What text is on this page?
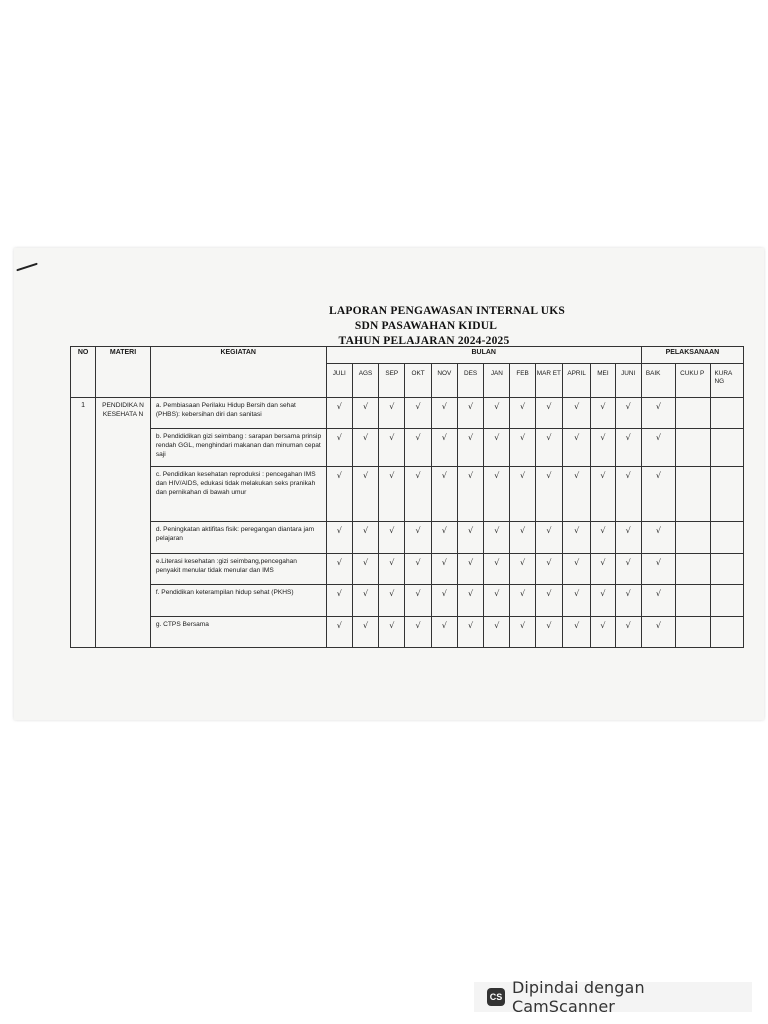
LAPORAN PENGAWASAN INTERNAL UKS
SDN PASAWAHAN KIDUL
TAHUN PELAJARAN 2024-2025
NO	MATERI	KEGIATAN	BULAN												PELAKSANAAN		
			JULI	AGS	SEP	OKT	NOV	DES	JAN	FEB	MAR ET	APRIL	MEI	JUNI	BAIK	CUKU P	KURA NG
1	PENDIDIKA N KESEHATA N	a. Pembiasaan Perilaku Hidup Bersih dan sehat (PHBS): kebersihan diri dan sanitasi	√	√	√	√	√	√	√	√	√	√	√	√	√		
		b. Pendididikan gizi seimbang : sarapan bersama prinsip rendah GGL, menghindari makanan dan minuman cepat saji	√	√	√	√	√	√	√	√	√	√	√	√	√		
		c. Pendidikan kesehatan reproduksi : pencegahan IMS dan HIV/AIDS, edukasi tidak melakukan seks pranikah dan pernikahan di bawah umur	√	√	√	√	√	√	√	√	√	√	√	√	√		
		d. Peningkatan aktifitas fisik: peregangan diantara jam pelajaran	√	√	√	√	√	√	√	√	√	√	√	√	√		
		e.Literasi kesehatan :gizi seimbang,pencegahan penyakit menular tidak menular dan IMS	√	√	√	√	√	√	√	√	√	√	√	√	√		
		f. Pendidikan keterampilan hidup sehat (PKHS)	√	√	√	√	√	√	√	√	√	√	√	√	√		
		g. CTPS Bersama	√	√	√	√	√	√	√	√	√	√	√	√	√		
CS Dipindai dengan CamScanner
